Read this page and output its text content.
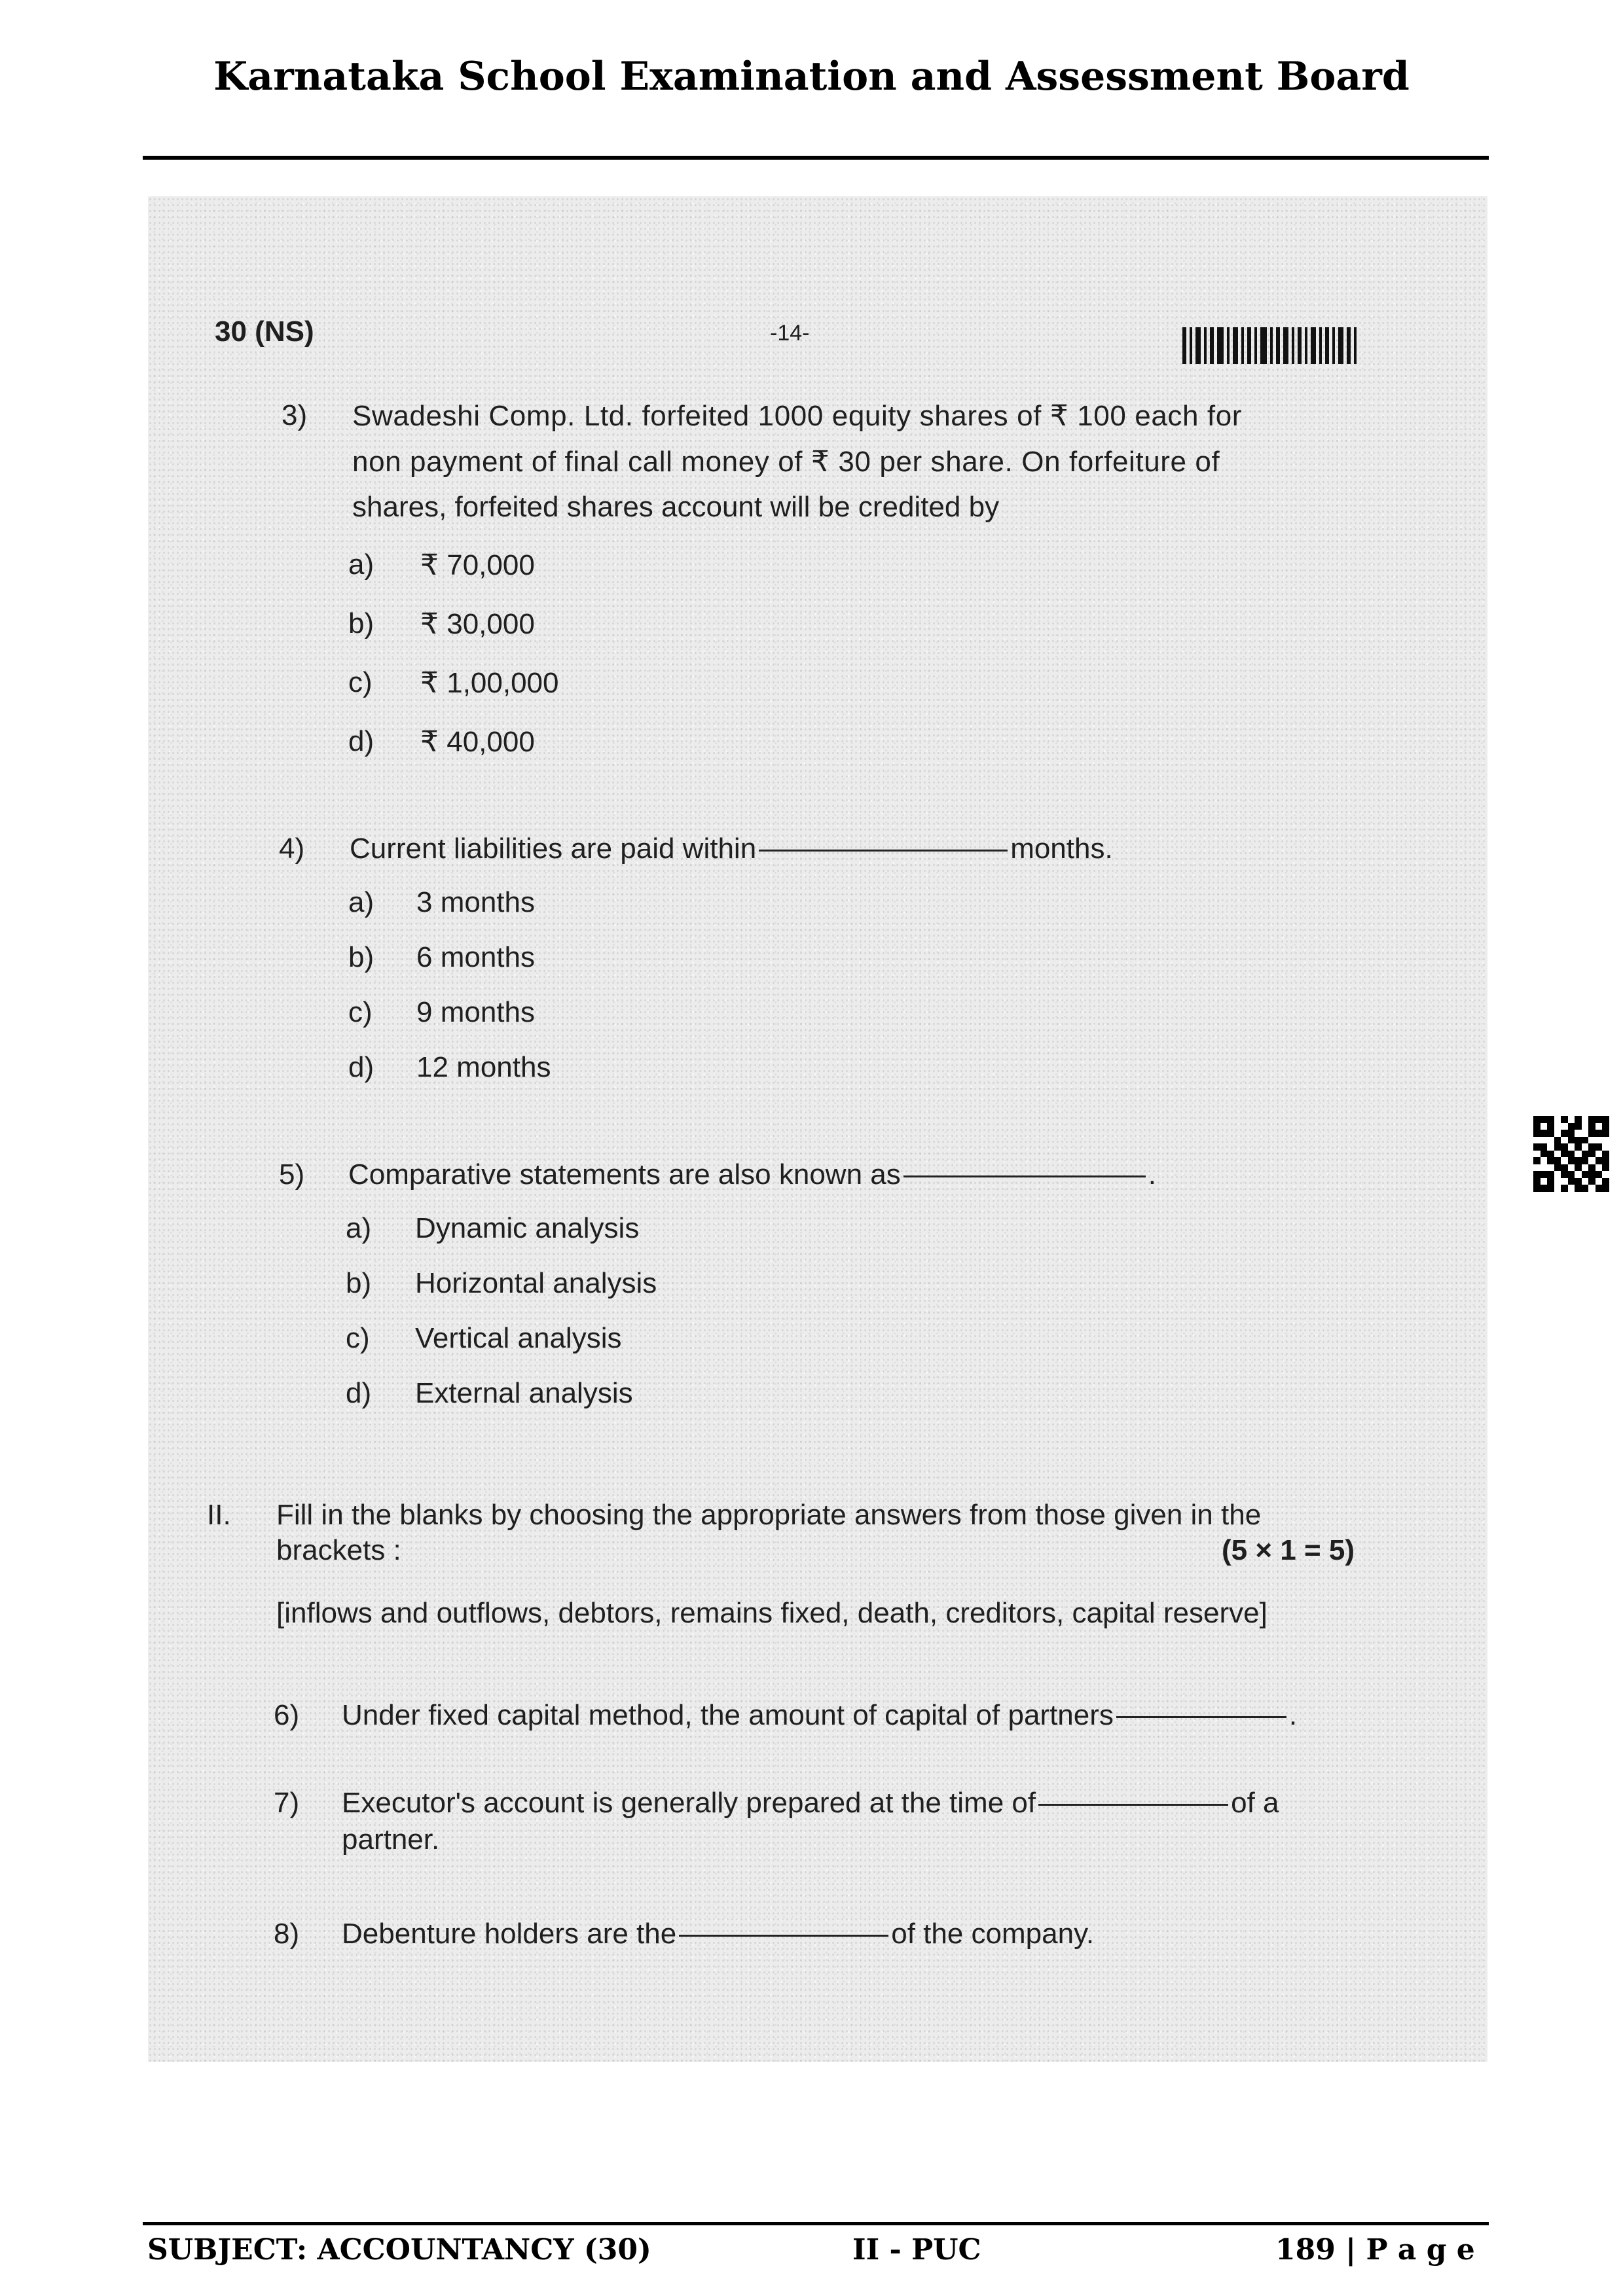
Karnataka School Examination and Assessment Board
30 (NS)	-14-
3) Swadeshi Comp. Ltd. forfeited 1000 equity shares of ₹ 100 each for
non payment of final call money of ₹ 30 per share. On forfeiture of
shares, forfeited shares account will be credited by
a) ₹ 70,000
b) ₹ 30,000
c) ₹ 1,00,000
d) ₹ 40,000
4) Current liabilities are paid within	months.
a) 3 months
b) 6 months
c) 9 months
d) 12 months
5) Comparative statements are also known as	.
a) Dynamic analysis
b) Horizontal analysis
c) Vertical analysis
d) External analysis
II. Fill in the blanks by choosing the appropriate answers from those given in the
brackets :	(5 × 1 = 5)
[inflows and outflows, debtors, remains fixed, death, creditors, capital reserve]
6) Under fixed capital method, the amount of capital of partners	.
7) Executor's account is generally prepared at the time of	of a
partner.
8) Debenture holders are the	of the company.
SUBJECT: ACCOUNTANCY (30)	II - PUC	189 | P a g e
